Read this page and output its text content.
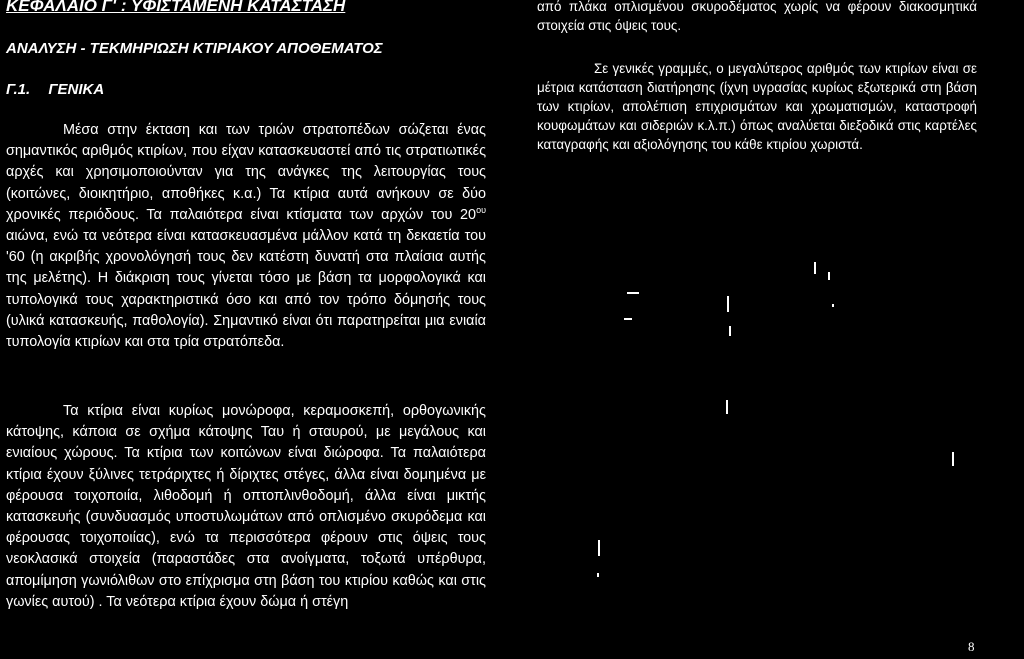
ΚΕΦΑΛΑΙΟ Γ' : ΥΦΙΣΤΑΜΕΝΗ ΚΑΤΑΣΤΑΣΗ
ΑΝΑΛΥΣΗ - ΤΕΚΜΗΡΙΩΣΗ ΚΤΙΡΙΑΚΟΥ ΑΠΟΘΕΜΑΤΟΣ
Γ.1. ΓΕΝΙΚΑ

Μέσα στην έκταση και των τριών στρατοπέδων σώζεται ένας σημαντικός αριθμός κτιρίων, που είχαν κατασκευαστεί από τις στρατιωτικές αρχές και χρησιμοποιούνταν για της ανάγκες της λειτουργίας τους (κοιτώνες, διοικητήριο, αποθήκες κ.α.) Τα κτίρια αυτά ανήκουν σε δύο χρονικές περιόδους. Τα παλαιότερα είναι κτίσματα των αρχών του $20^{o\upsilon}$ αιώνα, ενώ τα νεότερα είναι κατασκευασμένα μάλλον κατά τη δεκαετία του '60 (η ακριβής χρονολόγησή τους δεν κατέστη δυνατή στα πλαίσια αυτής της μελέτης). Η διάκριση τους γίνεται τόσο με βάση τα μορφολογικά και τυπολογικά τους χαρακτηριστικά όσο και από τον τρόπο δόμησής τους (υλικά κατασκευής, παθολογία). Σημαντικό είναι ότι παρατηρείται μια ενιαία τυπολογία κτιρίων και στα τρία στρατόπεδα.

Τα κτίρια είναι κυρίως μονώροφα, κεραμοσκεπή, ορθογωνικής κάτοψης, κάποια σε σχήμα κάτοψης Ταυ ή σταυρού, με μεγάλους και ενιαίους χώρους. Τα κτίρια των κοιτώνων είναι διώροφα. Τα παλαιότερα κτίρια έχουν ξύλινες τετράριχτες ή δίριχτες στέγες, άλλα είναι δομημένα με φέρουσα τοιχοποιία, λιθοδομή ή οπτοπλινθοδομή, άλλα είναι μικτής κατασκευής (συνδυασμός υποστυλωμάτων από οπλισμένο σκυρόδεμα και φέρουσας τοιχοποιίας), ενώ τα περισσότερα φέρουν στις όψεις τους νεοκλασικά στοιχεία (παραστάδες στα ανοίγματα, τοξωτά υπέρθυρα, απομίμηση γωνιόλιθων στο επίχρισμα στη βάση του κτιρίου καθώς και στις γωνίες αυτού) . Τα νεότερα κτίρια έχουν δώμα ή στέγη

από πλάκα οπλισμένου σκυροδέματος χωρίς να φέρουν διακοσμητικά στοιχεία στις όψεις τους.

Σε γενικές γραμμές, ο μεγαλύτερος αριθμός των κτιρίων είναι σε μέτρια κατάσταση διατήρησης (ίχνη υγρασίας κυρίως εξωτερικά στη βάση των κτιρίων, απολέπιση επιχρισμάτων και χρωματισμών, καταστροφή κουφωμάτων και σιδεριών κ.λ.π.) όπως αναλύεται διεξοδικά στις καρτέλες καταγραφής και αξιολόγησης του κάθε κτιρίου χωριστά.

8
